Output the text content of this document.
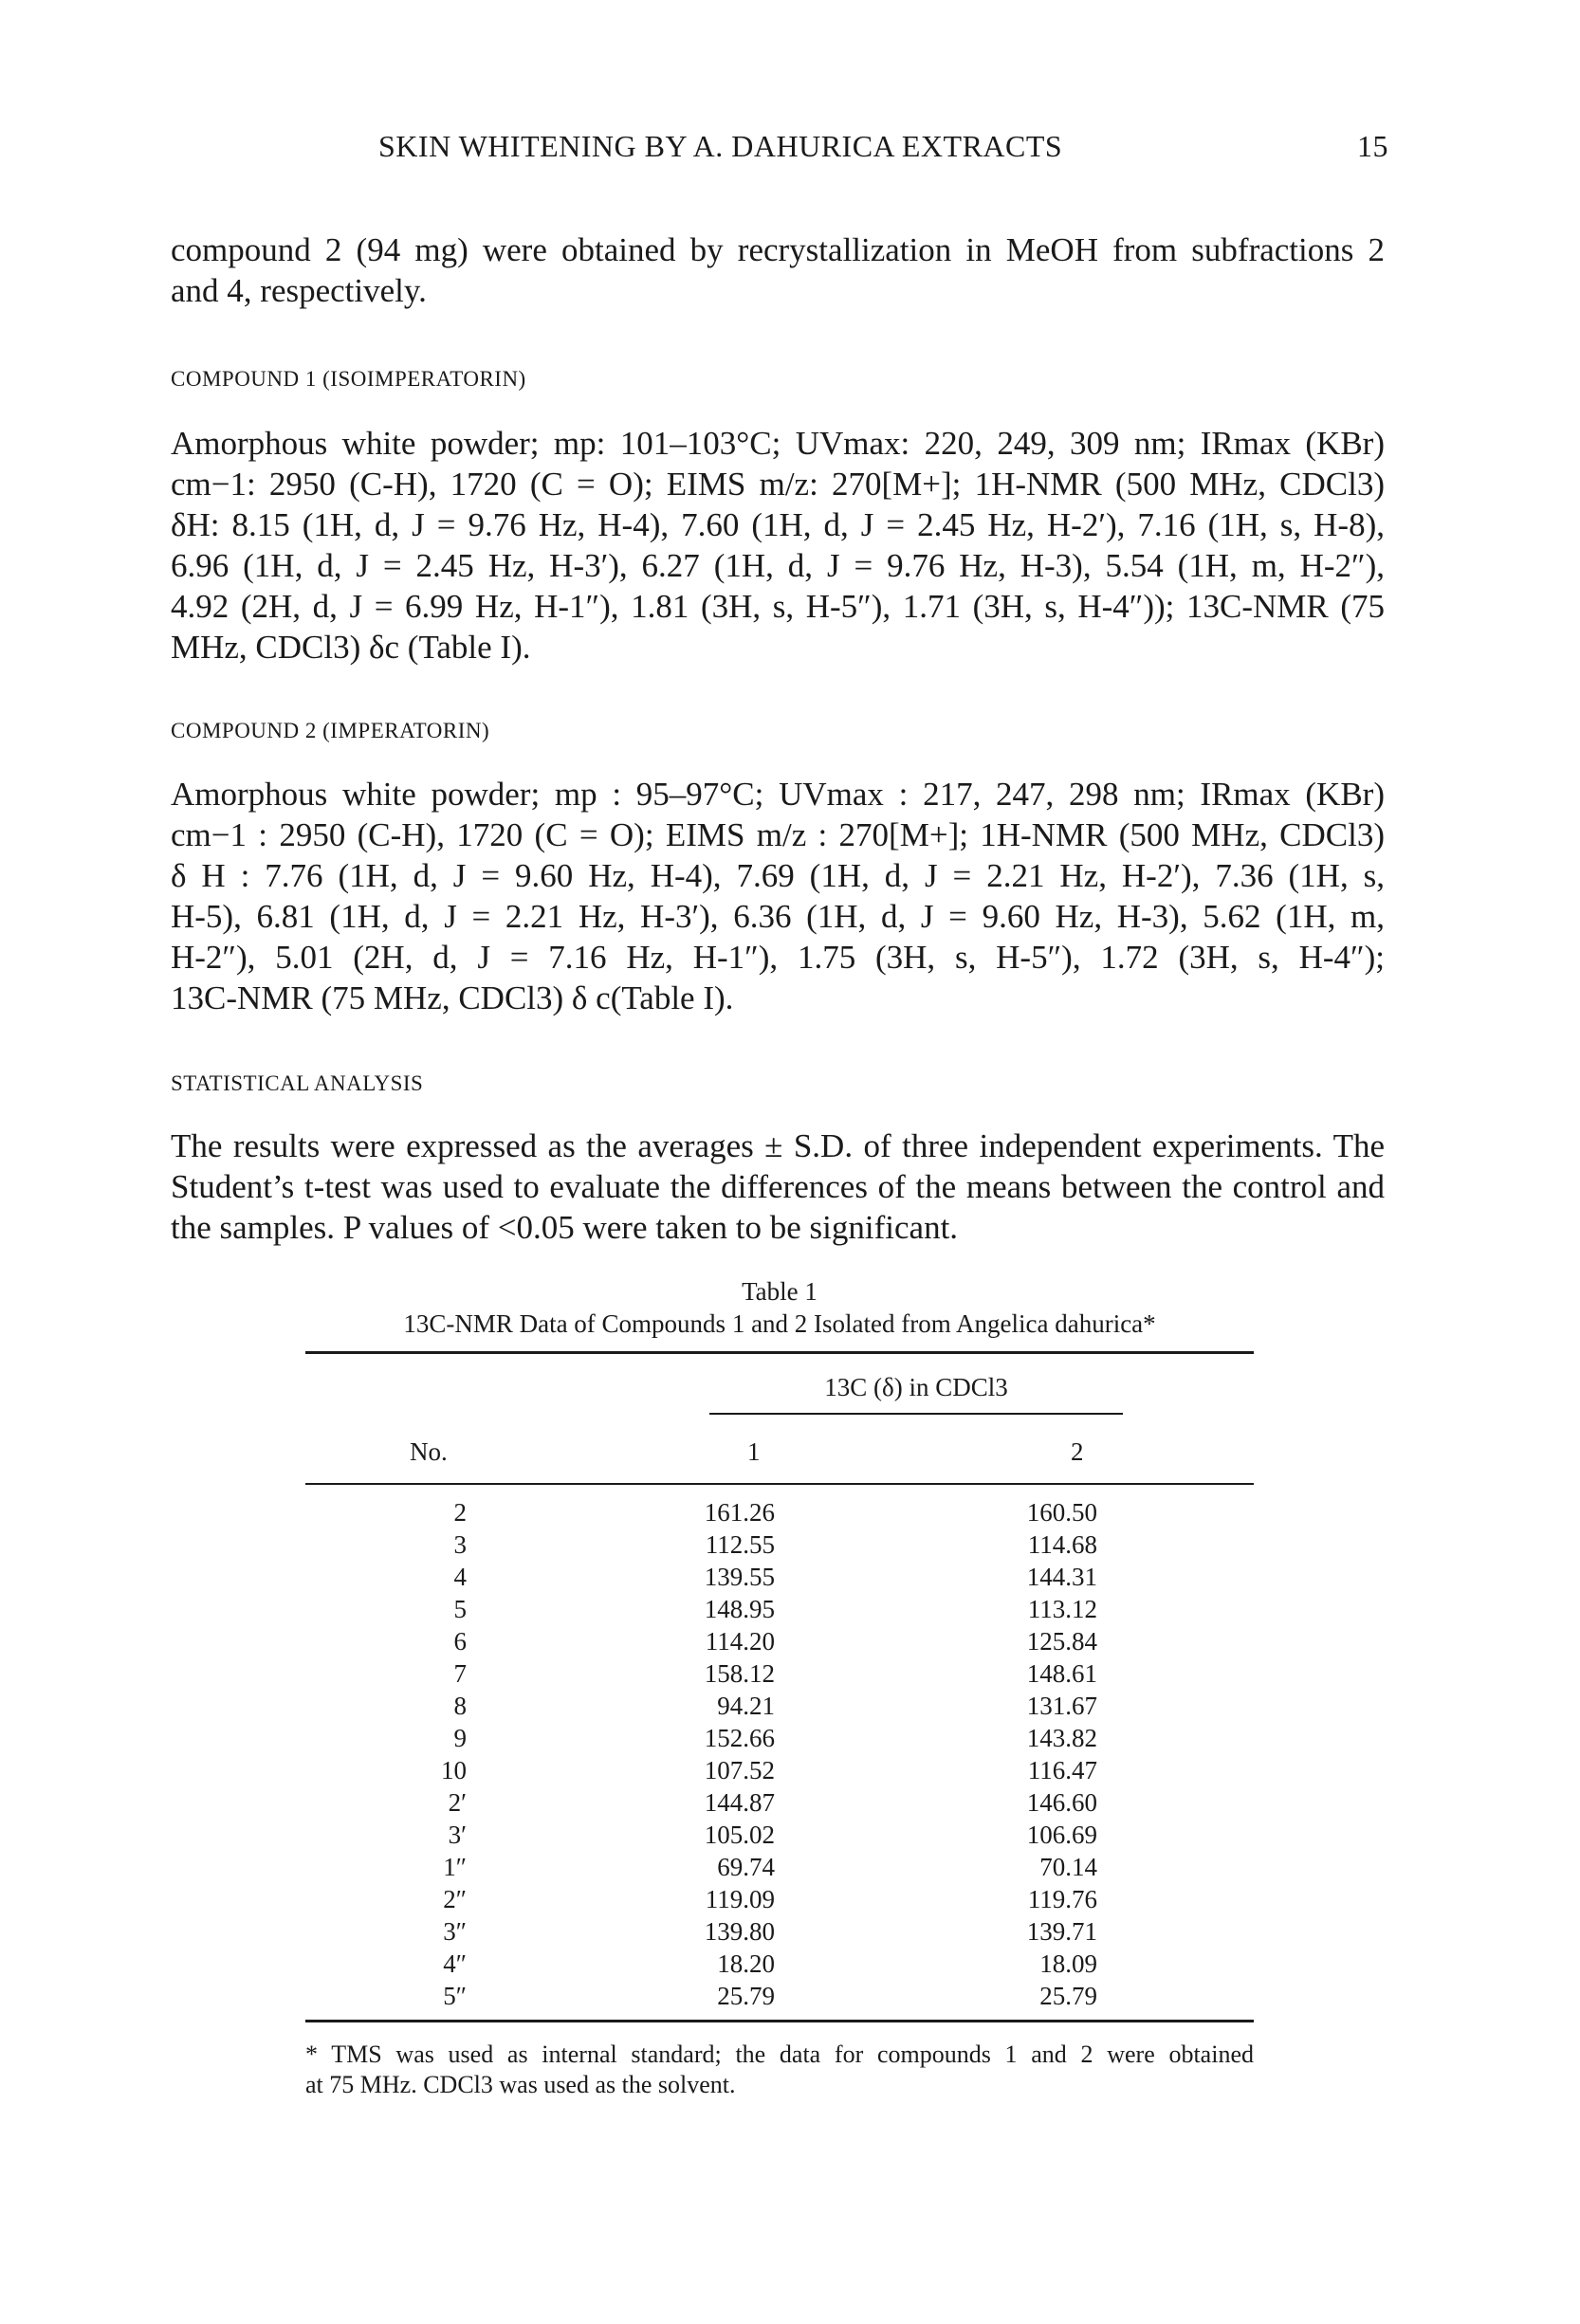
SKIN WHITENING BY A. DAHURICA EXTRACTS	15
compound 2 (94 mg) were obtained by recrystallization in MeOH from subfractions 2
and 4, respectively.
COMPOUND 1 (ISOIMPERATORIN)
Amorphous white powder; mp: 101–103°C; UVmax: 220, 249, 309 nm; IRmax (KBr)
cm−1: 2950 (C-H), 1720 (C = O); EIMS m/z: 270[M+]; 1H-NMR (500 MHz, CDCl3)
δH: 8.15 (1H, d, J = 9.76 Hz, H-4), 7.60 (1H, d, J = 2.45 Hz, H-2′), 7.16 (1H, s, H-8),
6.96 (1H, d, J = 2.45 Hz, H-3′), 6.27 (1H, d, J = 9.76 Hz, H-3), 5.54 (1H, m, H-2″),
4.92 (2H, d, J = 6.99 Hz, H-1″), 1.81 (3H, s, H-5″), 1.71 (3H, s, H-4″)); 13C-NMR (75
MHz, CDCl3) δc (Table I).
COMPOUND 2 (IMPERATORIN)
Amorphous white powder; mp : 95–97°C; UVmax : 217, 247, 298 nm; IRmax (KBr)
cm−1 : 2950 (C-H), 1720 (C = O); EIMS m/z : 270[M+]; 1H-NMR (500 MHz, CDCl3)
δ H : 7.76 (1H, d, J = 9.60 Hz, H-4), 7.69 (1H, d, J = 2.21 Hz, H-2′), 7.36 (1H, s,
H-5), 6.81 (1H, d, J = 2.21 Hz, H-3′), 6.36 (1H, d, J = 9.60 Hz, H-3), 5.62 (1H, m,
H-2″), 5.01 (2H, d, J = 7.16 Hz, H-1″), 1.75 (3H, s, H-5″), 1.72 (3H, s, H-4″);
13C-NMR (75 MHz, CDCl3) δ c(Table I).
STATISTICAL ANALYSIS
The results were expressed as the averages ± S.D. of three independent experiments. The
Student’s t-test was used to evaluate the differences of the means between the control and
the samples. P values of <0.05 were taken to be significant.
Table 1
13C-NMR Data of Compounds 1 and 2 Isolated from Angelica dahurica*
13C (δ) in CDCl3
No.	1	2
2	161.26	160.50
3	112.55	114.68
4	139.55	144.31
5	148.95	113.12
6	114.20	125.84
7	158.12	148.61
8	94.21	131.67
9	152.66	143.82
10	107.52	116.47
2′	144.87	146.60
3′	105.02	106.69
1″	69.74	70.14
2″	119.09	119.76
3″	139.80	139.71
4″	18.20	18.09
5″	25.79	25.79
* TMS was used as internal standard; the data for compounds 1 and 2 were obtained
at 75 MHz. CDCl3 was used as the solvent.
